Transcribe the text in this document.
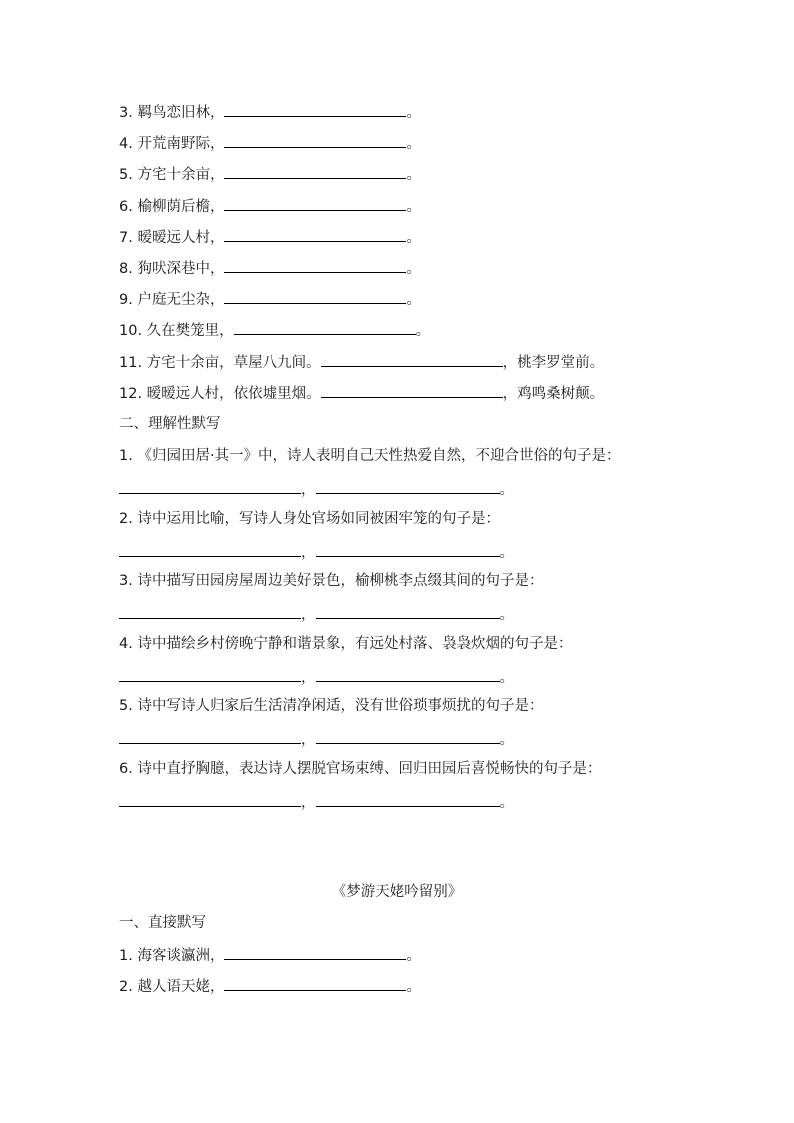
3. 羁鸟恋旧林，	。
4. 开荒南野际，	。
5. 方宅十余亩，	。
6. 榆柳荫后檐，	。
7. 暧暧远人村，	。
8. 狗吠深巷中，	。
9. 户庭无尘杂，	。
10. 久在樊笼里，	。
11. 方宅十余亩，草屋八九间。	，桃李罗堂前。
12. 暧暧远人村，依依墟里烟。	，鸡鸣桑树颠。
二、理解性默写
1. 《归园田居·其一》中，诗人表明自己天性热爱自然，不迎合世俗的句子是：
，	。
2. 诗中运用比喻，写诗人身处官场如同被困牢笼的句子是：
，	。
3. 诗中描写田园房屋周边美好景色，榆柳桃李点缀其间的句子是：
，	。
4. 诗中描绘乡村傍晚宁静和谐景象，有远处村落、袅袅炊烟的句子是：
，	。
5. 诗中写诗人归家后生活清净闲适，没有世俗琐事烦扰的句子是：
，	。
6. 诗中直抒胸臆，表达诗人摆脱官场束缚、回归田园后喜悦畅快的句子是：
，	。
《梦游天姥吟留别》
一、直接默写
1. 海客谈瀛洲，	。
2. 越人语天姥，	。
